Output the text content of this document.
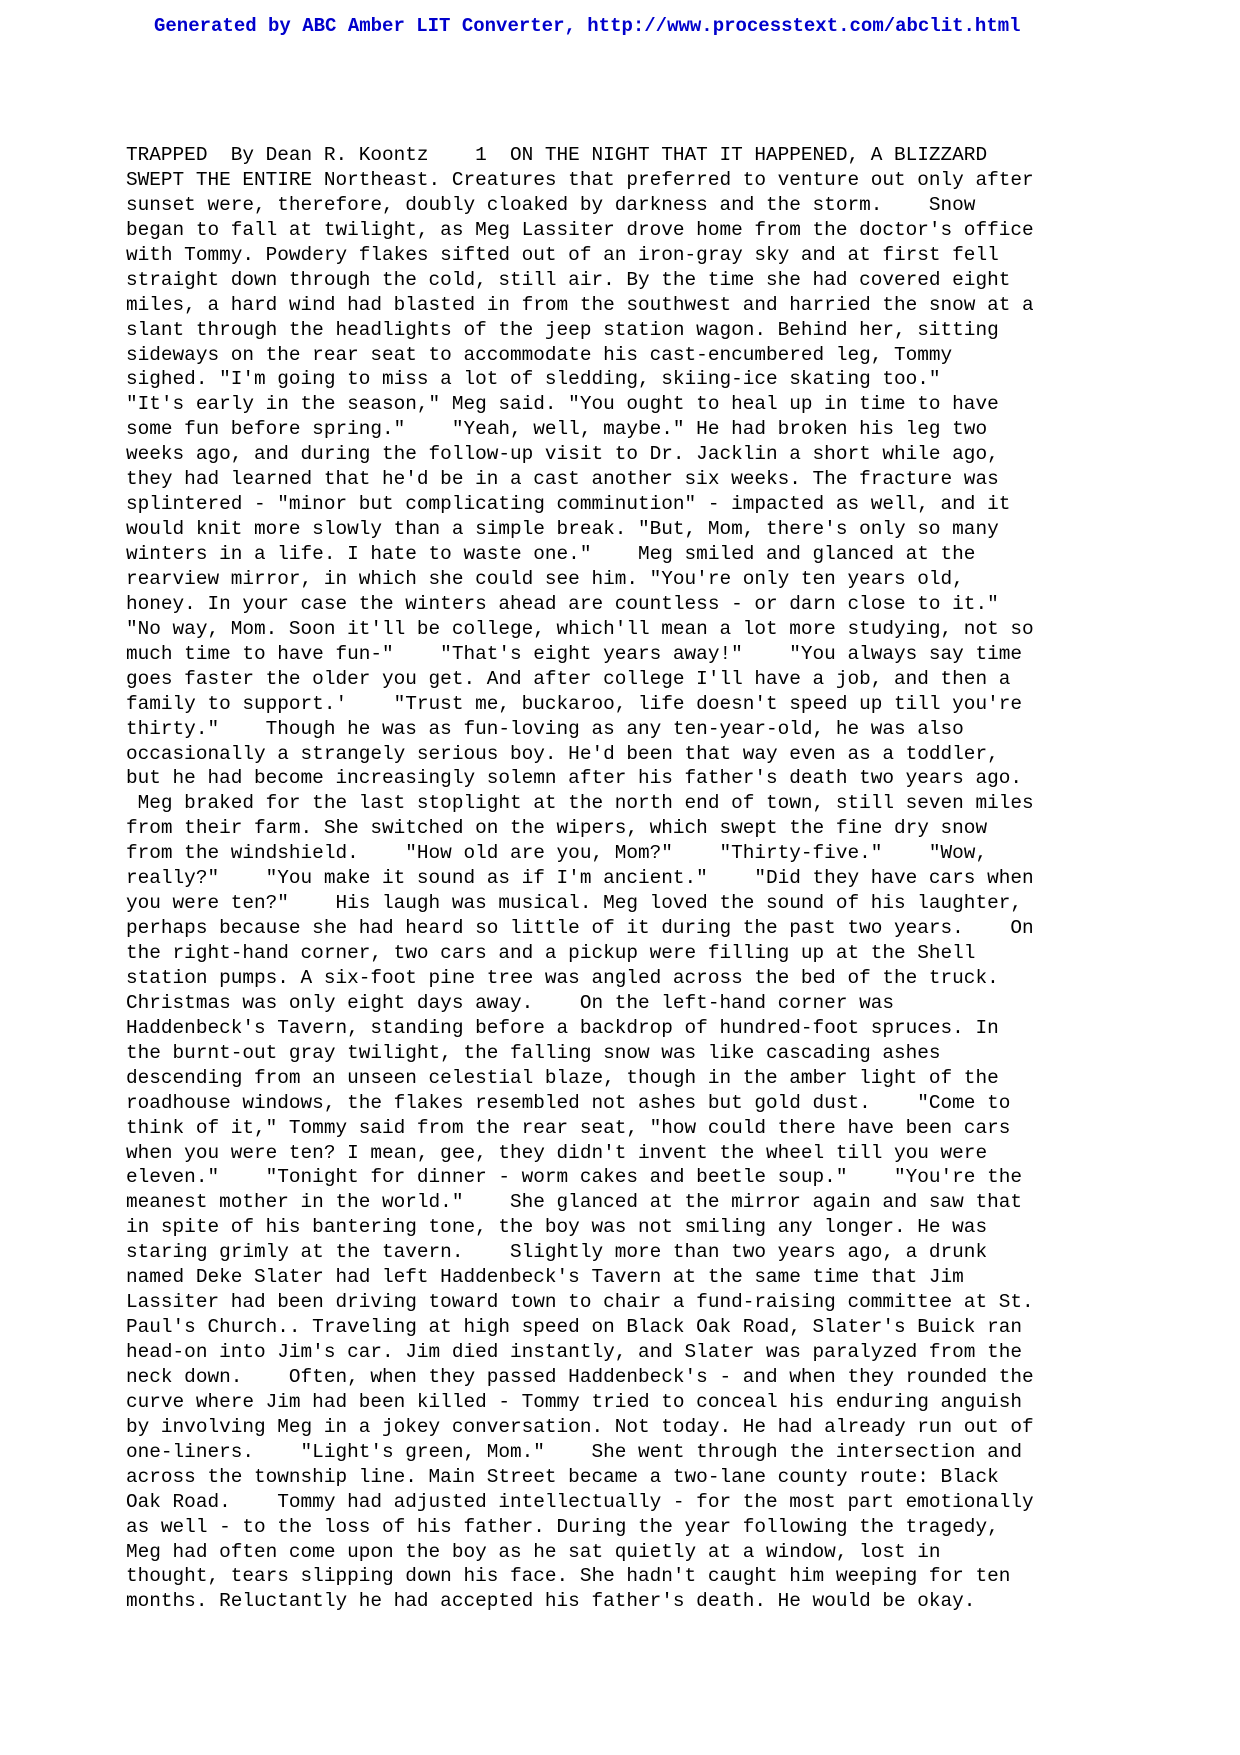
Generated by ABC Amber LIT Converter, http://www.processtext.com/abclit.html
TRAPPED  By Dean R. Koontz    1  ON THE NIGHT THAT IT HAPPENED, A BLIZZARD
SWEPT THE ENTIRE Northeast. Creatures that preferred to venture out only after
sunset were, therefore, doubly cloaked by darkness and the storm.    Snow
began to fall at twilight, as Meg Lassiter drove home from the doctor's office
with Tommy. Powdery flakes sifted out of an iron-gray sky and at first fell
straight down through the cold, still air. By the time she had covered eight
miles, a hard wind had blasted in from the southwest and harried the snow at a
slant through the headlights of the jeep station wagon. Behind her, sitting
sideways on the rear seat to accommodate his cast-encumbered leg, Tommy
sighed. "I'm going to miss a lot of sledding, skiing-ice skating too."
"It's early in the season," Meg said. "You ought to heal up in time to have
some fun before spring."    "Yeah, well, maybe." He had broken his leg two
weeks ago, and during the follow-up visit to Dr. Jacklin a short while ago,
they had learned that he'd be in a cast another six weeks. The fracture was
splintered - "minor but complicating comminution" - impacted as well, and it
would knit more slowly than a simple break. "But, Mom, there's only so many
winters in a life. I hate to waste one."    Meg smiled and glanced at the
rearview mirror, in which she could see him. "You're only ten years old,
honey. In your case the winters ahead are countless - or darn close to it."
"No way, Mom. Soon it'll be college, which'll mean a lot more studying, not so
much time to have fun-"    "That's eight years away!"    "You always say time
goes faster the older you get. And after college I'll have a job, and then a
family to support.'    "Trust me, buckaroo, life doesn't speed up till you're
thirty."    Though he was as fun-loving as any ten-year-old, he was also
occasionally a strangely serious boy. He'd been that way even as a toddler,
but he had become increasingly solemn after his father's death two years ago.
Meg braked for the last stoplight at the north end of town, still seven miles
from their farm. She switched on the wipers, which swept the fine dry snow
from the windshield.    "How old are you, Mom?"    "Thirty-five."    "Wow,
really?"    "You make it sound as if I'm ancient."    "Did they have cars when
you were ten?"    His laugh was musical. Meg loved the sound of his laughter,
perhaps because she had heard so little of it during the past two years.    On
the right-hand corner, two cars and a pickup were filling up at the Shell
station pumps. A six-foot pine tree was angled across the bed of the truck.
Christmas was only eight days away.    On the left-hand corner was
Haddenbeck's Tavern, standing before a backdrop of hundred-foot spruces. In
the burnt-out gray twilight, the falling snow was like cascading ashes
descending from an unseen celestial blaze, though in the amber light of the
roadhouse windows, the flakes resembled not ashes but gold dust.    "Come to
think of it," Tommy said from the rear seat, "how could there have been cars
when you were ten? I mean, gee, they didn't invent the wheel till you were
eleven."    "Tonight for dinner - worm cakes and beetle soup."    "You're the
meanest mother in the world."    She glanced at the mirror again and saw that
in spite of his bantering tone, the boy was not smiling any longer. He was
staring grimly at the tavern.    Slightly more than two years ago, a drunk
named Deke Slater had left Haddenbeck's Tavern at the same time that Jim
Lassiter had been driving toward town to chair a fund-raising committee at St.
Paul's Church.. Traveling at high speed on Black Oak Road, Slater's Buick ran
head-on into Jim's car. Jim died instantly, and Slater was paralyzed from the
neck down.    Often, when they passed Haddenbeck's - and when they rounded the
curve where Jim had been killed - Tommy tried to conceal his enduring anguish
by involving Meg in a jokey conversation. Not today. He had already run out of
one-liners.    "Light's green, Mom."    She went through the intersection and
across the township line. Main Street became a two-lane county route: Black
Oak Road.    Tommy had adjusted intellectually - for the most part emotionally
as well - to the loss of his father. During the year following the tragedy,
Meg had often come upon the boy as he sat quietly at a window, lost in
thought, tears slipping down his face. She hadn't caught him weeping for ten
months. Reluctantly he had accepted his father's death. He would be okay.
